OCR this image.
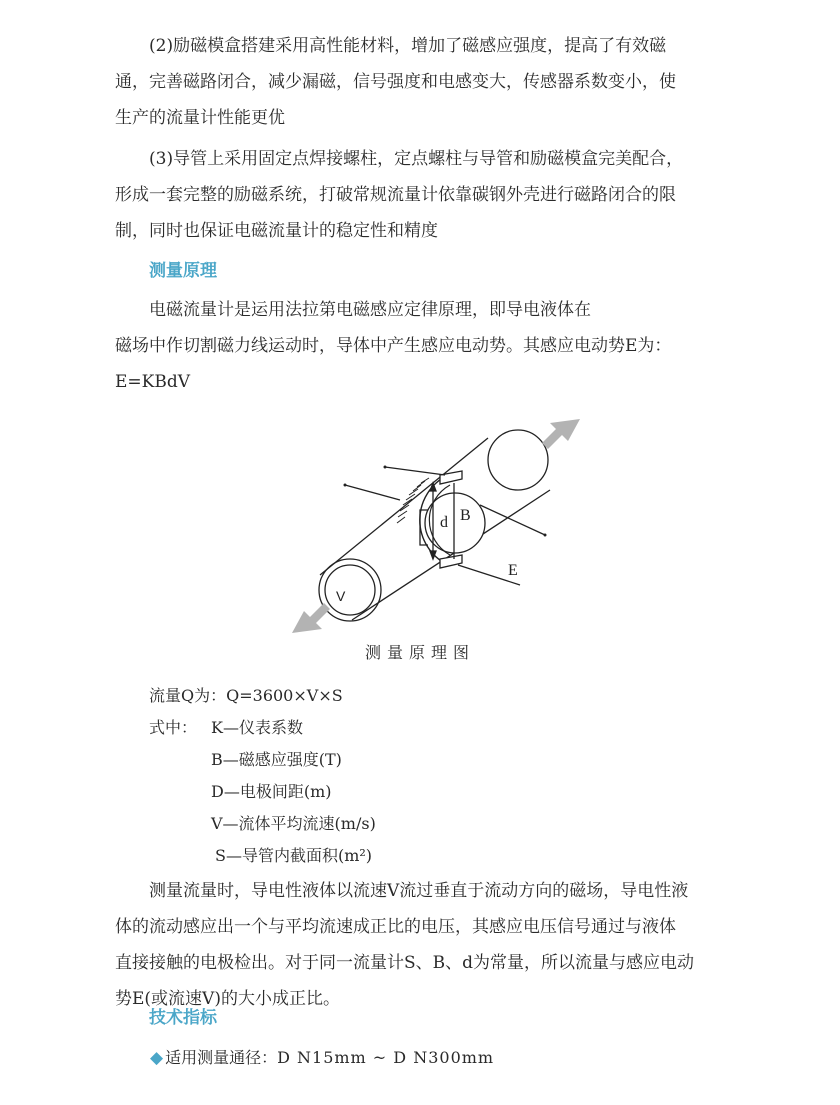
(2)励磁模盒搭建采用高性能材料，增加了磁感应强度，提高了有效磁
通，完善磁路闭合，减少漏磁，信号强度和电感变大，传感器系数变小，使
生产的流量计性能更优
(3)导管上采用固定点焊接螺柱，定点螺柱与导管和励磁模盒完美配合，
形成一套完整的励磁系统，打破常规流量计依靠碳钢外壳进行磁路闭合的限
制，同时也保证电磁流量计的稳定性和精度
测量原理
电磁流量计是运用法拉第电磁感应定律原理，即导电液体在
磁场中作切割磁力线运动时，导体中产生感应电动势。其感应电动势E为：
E=KBdV
V
d B
E
测量原理图

流量Q为：Q=3600×V×S

式中： K—仪表系数
B—磁感应强度(T)
D—电极间距(m)
V—流体平均流速(m/s)
S—导管内截面积(m²)
测量流量时，导电性液体以流速V流过垂直于流动方向的磁场，导电性液
体的流动感应出一个与平均流速成正比的电压，其感应电压信号通过与液体
直接接触的电极检出。对于同一流量计S、B、d为常量，所以流量与感应电动
势E(或流速V)的大小成正比。
技术指标
◆ 适用测量通径：D N15mm ~ D N300mm
